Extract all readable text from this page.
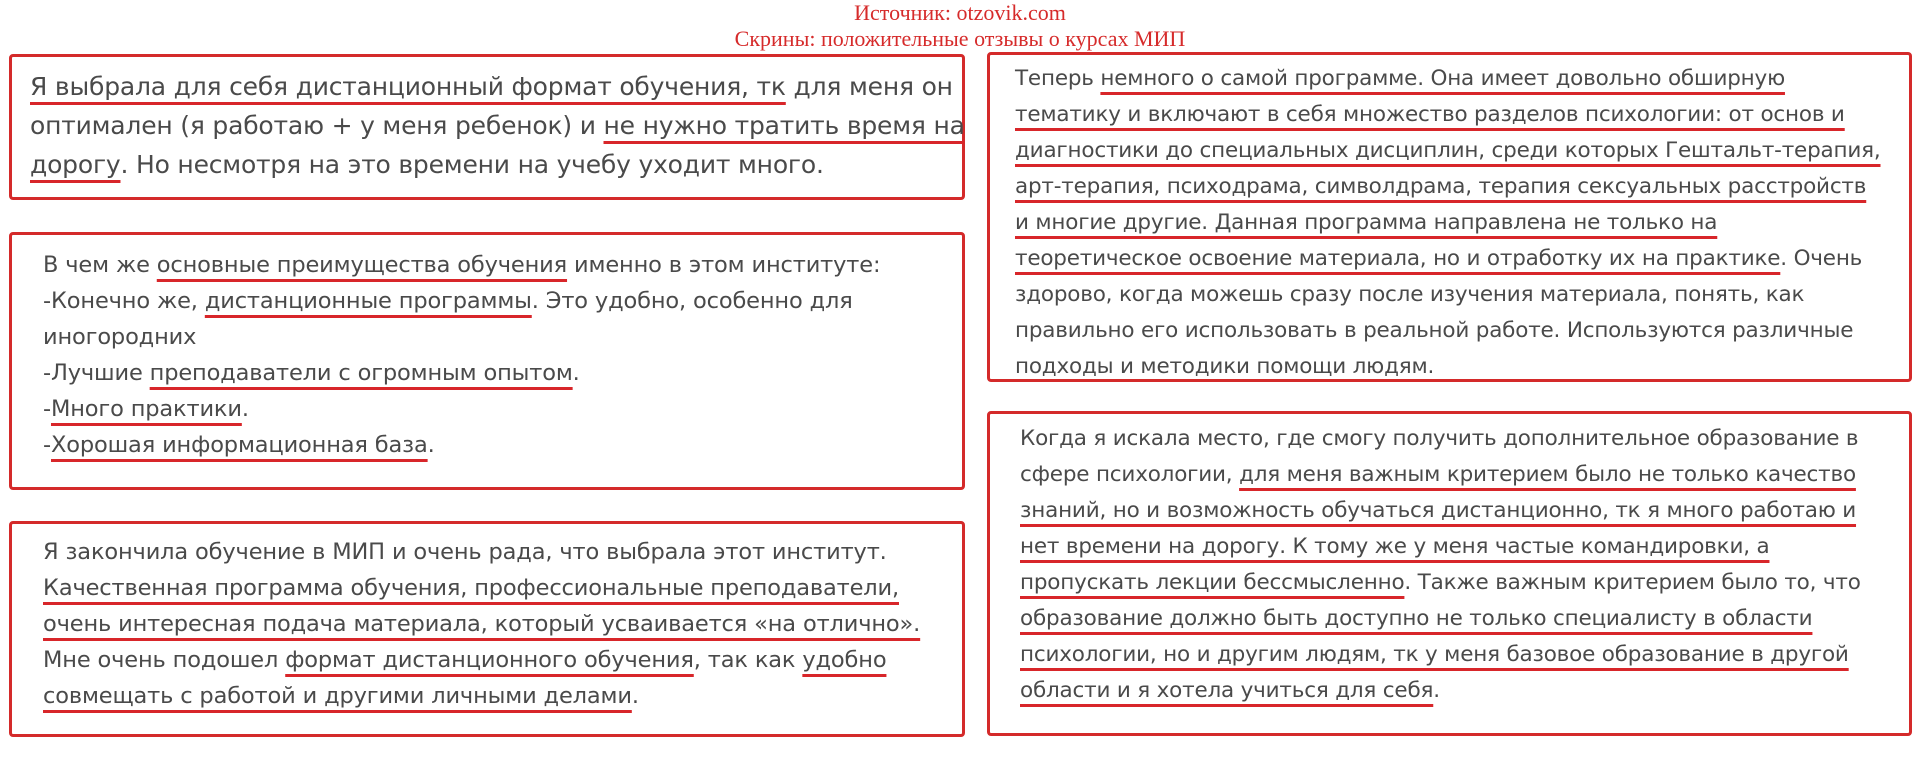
Источник: otzovik.com
Скрины: положительные отзывы о курсах МИП
Я выбрала для себя дистанционный формат обучения, тк для меня он
оптимален (я работаю + у меня ребенок) и не нужно тратить время на
дорогу. Но несмотря на это времени на учебу уходит много.
В чем же основные преимущества обучения именно в этом институте:
-Конечно же, дистанционные программы. Это удобно, особенно для
иногородних
-Лучшие преподаватели с огромным опытом.
-Много практики.
-Хорошая информационная база.
Я закончила обучение в МИП и очень рада, что выбрала этот институт.
Качественная программа обучения, профессиональные преподаватели,
очень интересная подача материала, который усваивается «на отлично».
Мне очень подошел формат дистанционного обучения, так как удобно
совмещать с работой и другими личными делами.
Теперь немного о самой программе. Она имеет довольно обширную
тематику и включают в себя множество разделов психологии: от основ и
диагностики до специальных дисциплин, среди которых Гештальт-терапия,
арт-терапия, психодрама, символдрама, терапия сексуальных расстройств
и многие другие. Данная программа направлена не только на
теоретическое освоение материала, но и отработку их на практике. Очень
здорово, когда можешь сразу после изучения материала, понять, как
правильно его использовать в реальной работе. Используются различные
подходы и методики помощи людям.
Когда я искала место, где смогу получить дополнительное образование в
сфере психологии, для меня важным критерием было не только качество
знаний, но и возможность обучаться дистанционно, тк я много работаю и
нет времени на дорогу. К тому же у меня частые командировки, а
пропускать лекции бессмысленно. Также важным критерием было то, что
образование должно быть доступно не только специалисту в области
психологии, но и другим людям, тк у меня базовое образование в другой
области и я хотела учиться для себя.
